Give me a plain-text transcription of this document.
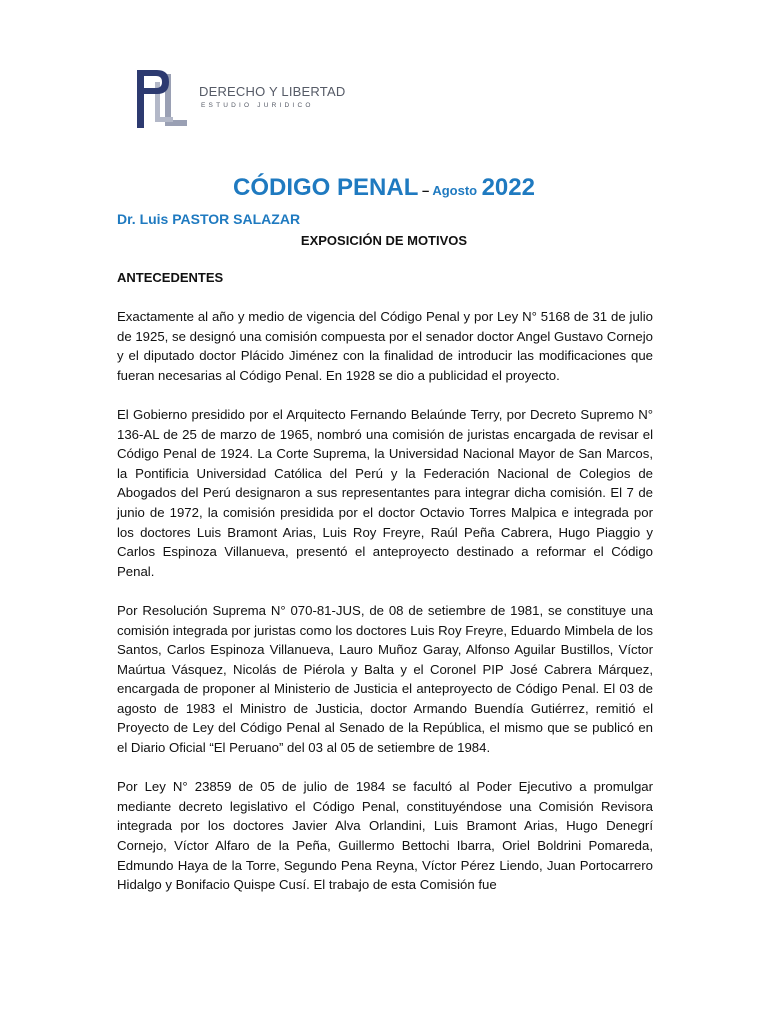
DERECHO Y LIBERTAD
ESTUDIO JURIDICO
CÓDIGO PENAL – Agosto 2022
Dr. Luis PASTOR SALAZAR
EXPOSICIÓN DE MOTIVOS
ANTECEDENTES

Exactamente al año y medio de vigencia del Código Penal y por Ley N° 5168 de 31 de julio de 1925, se designó una comisión compuesta por el senador doctor Angel Gustavo Cornejo y el diputado doctor Plácido Jiménez con la finalidad de introducir las modificaciones que fueran necesarias al Código Penal. En 1928 se dio a publicidad el proyecto.

El Gobierno presidido por el Arquitecto Fernando Belaúnde Terry, por Decreto Supremo N° 136-AL de 25 de marzo de 1965, nombró una comisión de juristas encargada de revisar el Código Penal de 1924. La Corte Suprema, la Universidad Nacional Mayor de San Marcos, la Pontificia Universidad Católica del Perú y la Federación Nacional de Colegios de Abogados del Perú designaron a sus representantes para integrar dicha comisión. El 7 de junio de 1972, la comisión presidida por el doctor Octavio Torres Malpica e integrada por los doctores Luis Bramont Arias, Luis Roy Freyre, Raúl Peña Cabrera, Hugo Piaggio y Carlos Espinoza Villanueva, presentó el anteproyecto destinado a reformar el Código Penal.

Por Resolución Suprema N° 070-81-JUS, de 08 de setiembre de 1981, se constituye una comisión integrada por juristas como los doctores Luis Roy Freyre, Eduardo Mimbela de los Santos, Carlos Espinoza Villanueva, Lauro Muñoz Garay, Alfonso Aguilar Bustillos, Víctor Maúrtua Vásquez, Nicolás de Piérola y Balta y el Coronel PIP José Cabrera Márquez, encargada de proponer al Ministerio de Justicia el anteproyecto de Código Penal. El 03 de agosto de 1983 el Ministro de Justicia, doctor Armando Buendía Gutiérrez, remitió el Proyecto de Ley del Código Penal al Senado de la República, el mismo que se publicó en el Diario Oficial “El Peruano” del 03 al 05 de setiembre de 1984.

Por Ley N° 23859 de 05 de julio de 1984 se facultó al Poder Ejecutivo a promulgar mediante decreto legislativo el Código Penal, constituyéndose una Comisión Revisora integrada por los doctores Javier Alva Orlandini, Luis Bramont Arias, Hugo Denegrí Cornejo, Víctor Alfaro de la Peña, Guillermo Bettochi Ibarra, Oriel Boldrini Pomareda, Edmundo Haya de la Torre, Segundo Pena Reyna, Víctor Pérez Liendo, Juan Portocarrero Hidalgo y Bonifacio Quispe Cusí. El trabajo de esta Comisión fue
